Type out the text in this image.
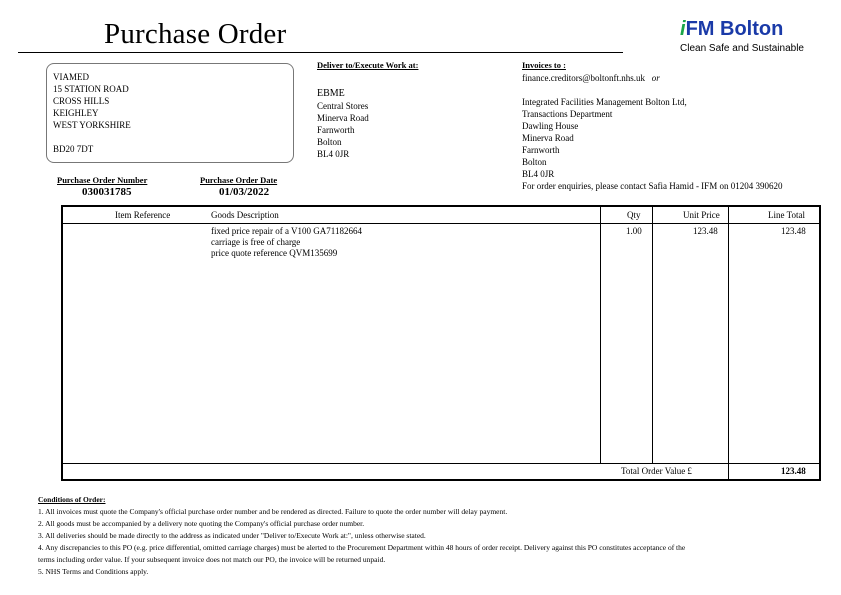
Purchase Order	iFM Bolton
Clean Safe and Sustainable
VIAMED
15 STATION ROAD
CROSS HILLS
KEIGHLEY
WEST YORKSHIRE

BD20 7DT
Deliver to/Execute Work at:
EBME
Central Stores
Minerva Road
Farnworth
Bolton
BL4 0JR
Invoices to :
finance.creditors@boltonft.nhs.uk or

Integrated Facilities Management Bolton Ltd,
Transactions Department
Dawling House
Minerva Road
Farnworth
Bolton
BL4 0JR
For order enquiries, please contact Safia Hamid - IFM on 01204 390620
Purchase Order Number
030031785
Purchase Order Date
01/03/2022
Item Reference	Goods Description	Qty	Unit Price	Line Total
fixed price repair of a V100 GA71182664
carriage is free of charge
price quote reference QVM135699
1.00	123.48	123.48
Total Order Value £	123.48
Conditions of Order:
1. All invoices must quote the Company's official purchase order number and be rendered as directed. Failure to quote the order number will delay payment.
2. All goods must be accompanied by a delivery note quoting the Company's official purchase order number.
3. All deliveries should be made directly to the address as indicated under "Deliver to/Execute Work at:", unless otherwise stated.
4. Any discrepancies to this PO (e.g. price differential, omitted carriage charges) must be alerted to the Procurement Department within 48 hours of order receipt. Delivery against this PO constitutes acceptance of the
terms including order value. If your subsequent invoice does not match our PO, the invoice will be returned unpaid.
5. NHS Terms and Conditions apply.
